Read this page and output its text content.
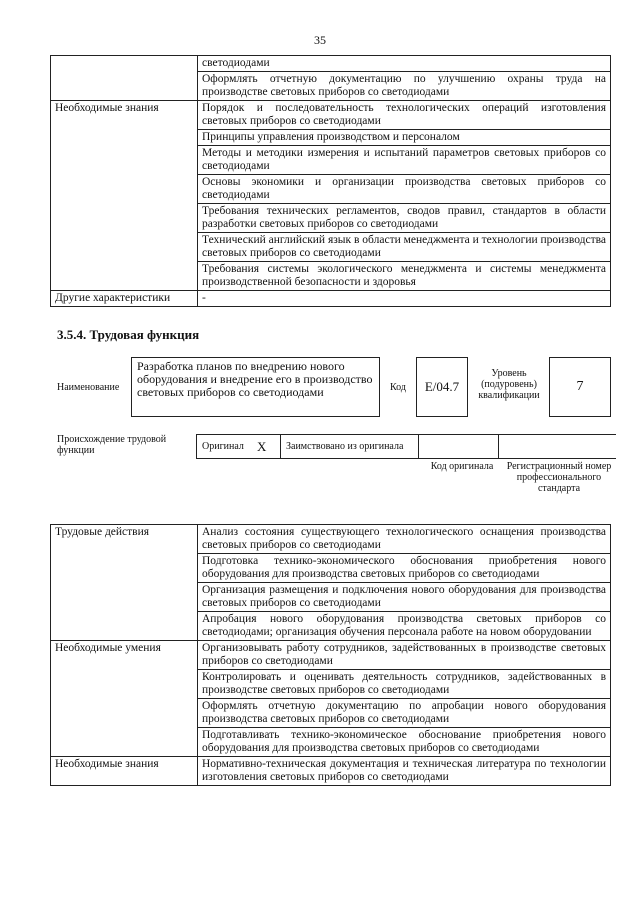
35
	светодиодами
	Оформлять отчетную документацию по улучшению охраны труда на производстве световых приборов со светодиодами
Необходимые знания	Порядок и последовательность технологических операций изготовления световых приборов со светодиодами
	Принципы управления производством и персоналом
	Методы и методики измерения и испытаний параметров световых приборов со светодиодами
	Основы экономики и организации производства световых приборов со светодиодами
	Требования технических регламентов, сводов правил, стандартов в области разработки световых приборов со светодиодами
	Технический английский язык в области менеджмента и технологии производства световых приборов со светодиодами
	Требования системы экологического менеджмента и системы менеджмента производственной безопасности и здоровья
Другие характеристики	-
3.5.4. Трудовая функция
Наименование
Разработка планов по внедрению нового оборудования и внедрение его в производство световых приборов со светодиодами	Код	E/04.7
Уровень (подуровень) квалификации
7
Происхождение трудовой функции	Оригинал	X	Заимствовано из оригинала
Код оригинала	Регистрационный номер профессионального стандарта
Трудовые действия	Анализ состояния существующего технологического оснащения производства световых приборов со светодиодами
	Подготовка технико-экономического обоснования приобретения нового оборудования для производства световых приборов со светодиодами
	Организация размещения и подключения нового оборудования для производства световых приборов со светодиодами
	Апробация нового оборудования производства световых приборов со светодиодами; организация обучения персонала работе на новом оборудовании
Необходимые умения	Организовывать работу сотрудников, задействованных в производстве световых приборов со светодиодами
	Контролировать и оценивать деятельность сотрудников, задействованных в производстве световых приборов со светодиодами
	Оформлять отчетную документацию по апробации нового оборудования производства световых приборов со светодиодами
	Подготавливать технико-экономическое обоснование приобретения нового оборудования для производства световых приборов со светодиодами
Необходимые знания	Нормативно-техническая документация и техническая литература по технологии изготовления световых приборов со светодиодами
